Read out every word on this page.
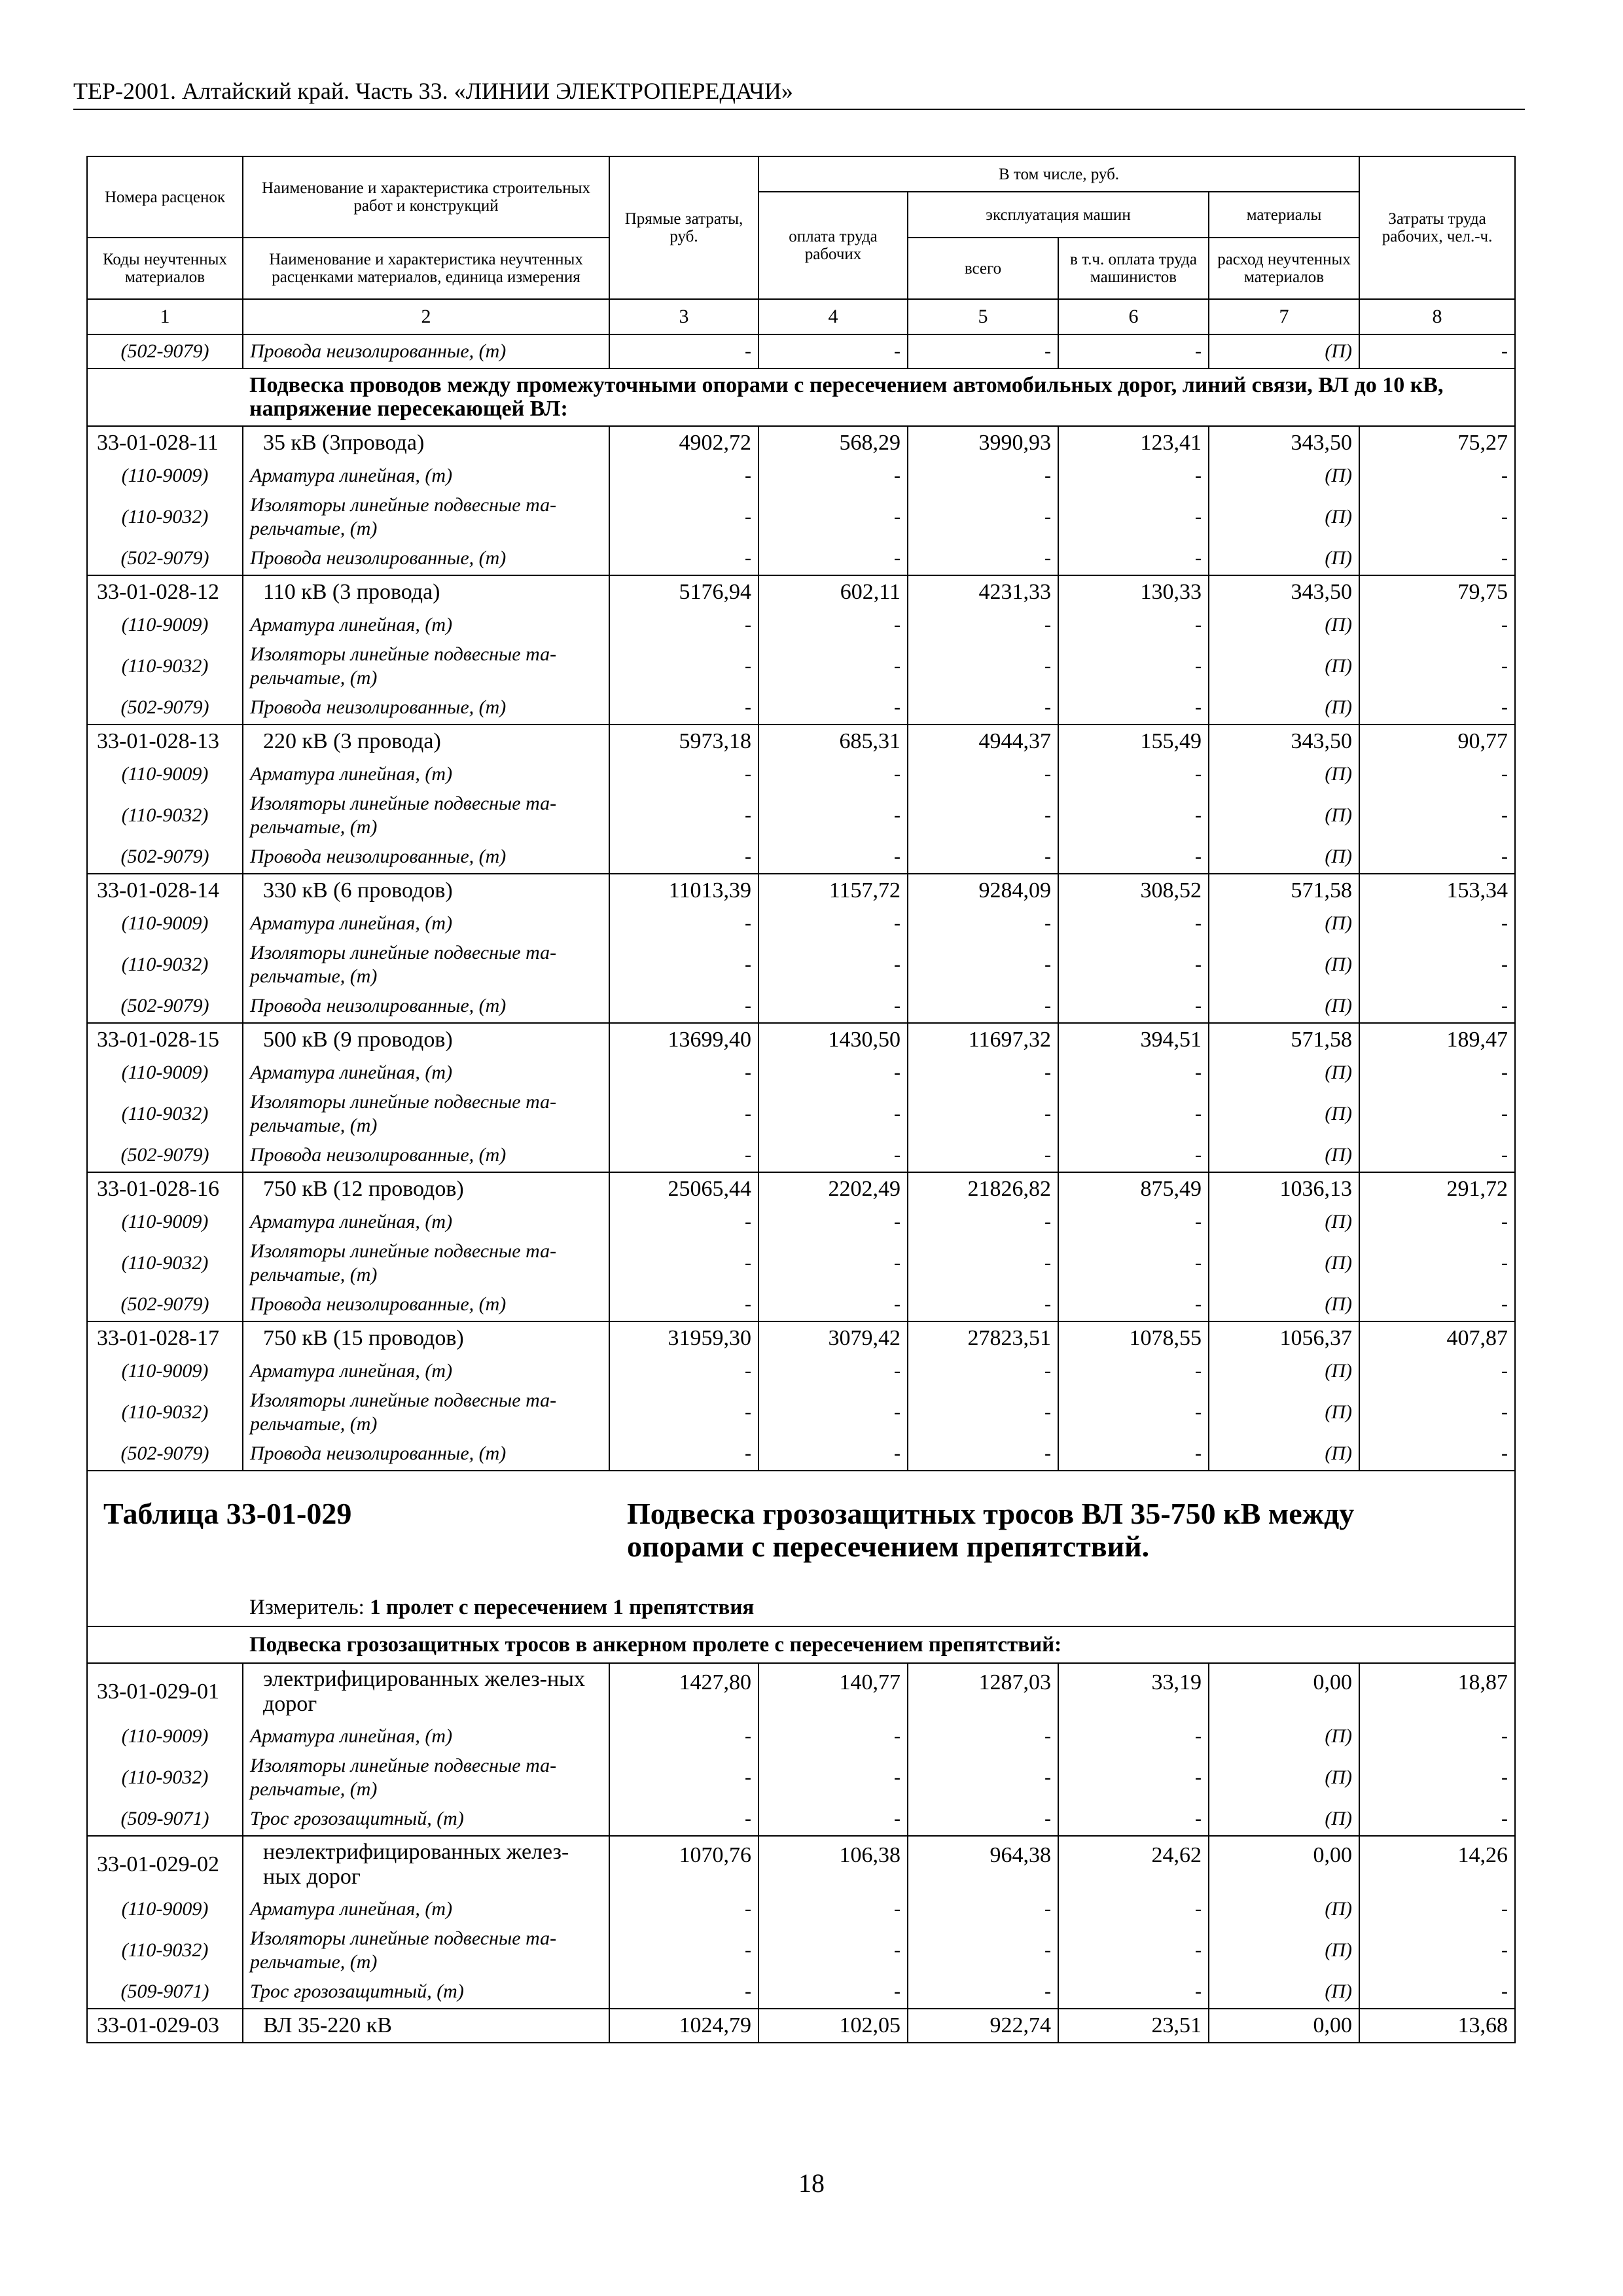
ТЕР-2001. Алтайский край. Часть 33. «ЛИНИИ ЭЛЕКТРОПЕРЕДАЧИ»
Номера расценок	Наименование и характеристика строительных работ и конструкций	Прямые затраты, руб.	В том числе, руб.				Затраты труда рабочих, чел.-ч.
			оплата труда рабочих	эксплуатация машин		материалы	
Коды неучтенных материалов	Наименование и характеристика неучтенных расценками материалов, единица измерения			всего	в т.ч. оплата труда машинистов	расход неучтенных материалов	
1	2	3	4	5	6	7	8
(502-9079)	Провода неизолированные, (т)	-	-	-	-	(П)	-
	Подвеска проводов между промежуточными опорами с пересечением автомобильных дорог, линий связи, ВЛ до 10 кВ, напряжение пересекающей ВЛ:						
33-01-028-11	35 кВ (3провода)	4902,72	568,29	3990,93	123,41	343,50	75,27
(110-9009)	Арматура линейная, (т)	-	-	-	-	(П)	-
(110-9032)	Изоляторы линейные подвесные та-рельчатые, (т)	-	-	-	-	(П)	-
(502-9079)	Провода неизолированные, (т)	-	-	-	-	(П)	-
33-01-028-12	110 кВ (3 провода)	5176,94	602,11	4231,33	130,33	343,50	79,75
(110-9009)	Арматура линейная, (т)	-	-	-	-	(П)	-
(110-9032)	Изоляторы линейные подвесные та-рельчатые, (т)	-	-	-	-	(П)	-
(502-9079)	Провода неизолированные, (т)	-	-	-	-	(П)	-
33-01-028-13	220 кВ (3 провода)	5973,18	685,31	4944,37	155,49	343,50	90,77
(110-9009)	Арматура линейная, (т)	-	-	-	-	(П)	-
(110-9032)	Изоляторы линейные подвесные та-рельчатые, (т)	-	-	-	-	(П)	-
(502-9079)	Провода неизолированные, (т)	-	-	-	-	(П)	-
33-01-028-14	330 кВ (6 проводов)	11013,39	1157,72	9284,09	308,52	571,58	153,34
(110-9009)	Арматура линейная, (т)	-	-	-	-	(П)	-
(110-9032)	Изоляторы линейные подвесные та-рельчатые, (т)	-	-	-	-	(П)	-
(502-9079)	Провода неизолированные, (т)	-	-	-	-	(П)	-
33-01-028-15	500 кВ (9 проводов)	13699,40	1430,50	11697,32	394,51	571,58	189,47
(110-9009)	Арматура линейная, (т)	-	-	-	-	(П)	-
(110-9032)	Изоляторы линейные подвесные та-рельчатые, (т)	-	-	-	-	(П)	-
(502-9079)	Провода неизолированные, (т)	-	-	-	-	(П)	-
33-01-028-16	750 кВ (12 проводов)	25065,44	2202,49	21826,82	875,49	1036,13	291,72
(110-9009)	Арматура линейная, (т)	-	-	-	-	(П)	-
(110-9032)	Изоляторы линейные подвесные та-рельчатые, (т)	-	-	-	-	(П)	-
(502-9079)	Провода неизолированные, (т)	-	-	-	-	(П)	-
33-01-028-17	750 кВ (15 проводов)	31959,30	3079,42	27823,51	1078,55	1056,37	407,87
(110-9009)	Арматура линейная, (т)	-	-	-	-	(П)	-
(110-9032)	Изоляторы линейные подвесные та-рельчатые, (т)	-	-	-	-	(П)	-
(502-9079)	Провода неизолированные, (т)	-	-	-	-	(П)	-

Таблица 33-01-029 Подвеска грозозащитных тросов ВЛ 35-750 кВ между опорами с пересечением препятствий.							

	Измеритель: 1 пролет с пересечением 1 препятствия						
	Подвеска грозозащитных тросов в анкерном пролете с пересечением препятствий:						
33-01-029-01	электрифицированных желез-ных дорог	1427,80	140,77	1287,03	33,19	0,00	18,87
(110-9009)	Арматура линейная, (т)	-	-	-	-	(П)	-
(110-9032)	Изоляторы линейные подвесные та-рельчатые, (т)	-	-	-	-	(П)	-
(509-9071)	Трос грозозащитный, (т)	-	-	-	-	(П)	-
33-01-029-02	неэлектрифицированных желез-ных дорог	1070,76	106,38	964,38	24,62	0,00	14,26
(110-9009)	Арматура линейная, (т)	-	-	-	-	(П)	-
(110-9032)	Изоляторы линейные подвесные та-рельчатые, (т)	-	-	-	-	(П)	-
(509-9071)	Трос грозозащитный, (т)	-	-	-	-	(П)	-
33-01-029-03	ВЛ 35-220 кВ	1024,79	102,05	922,74	23,51	0,00	13,68
18
